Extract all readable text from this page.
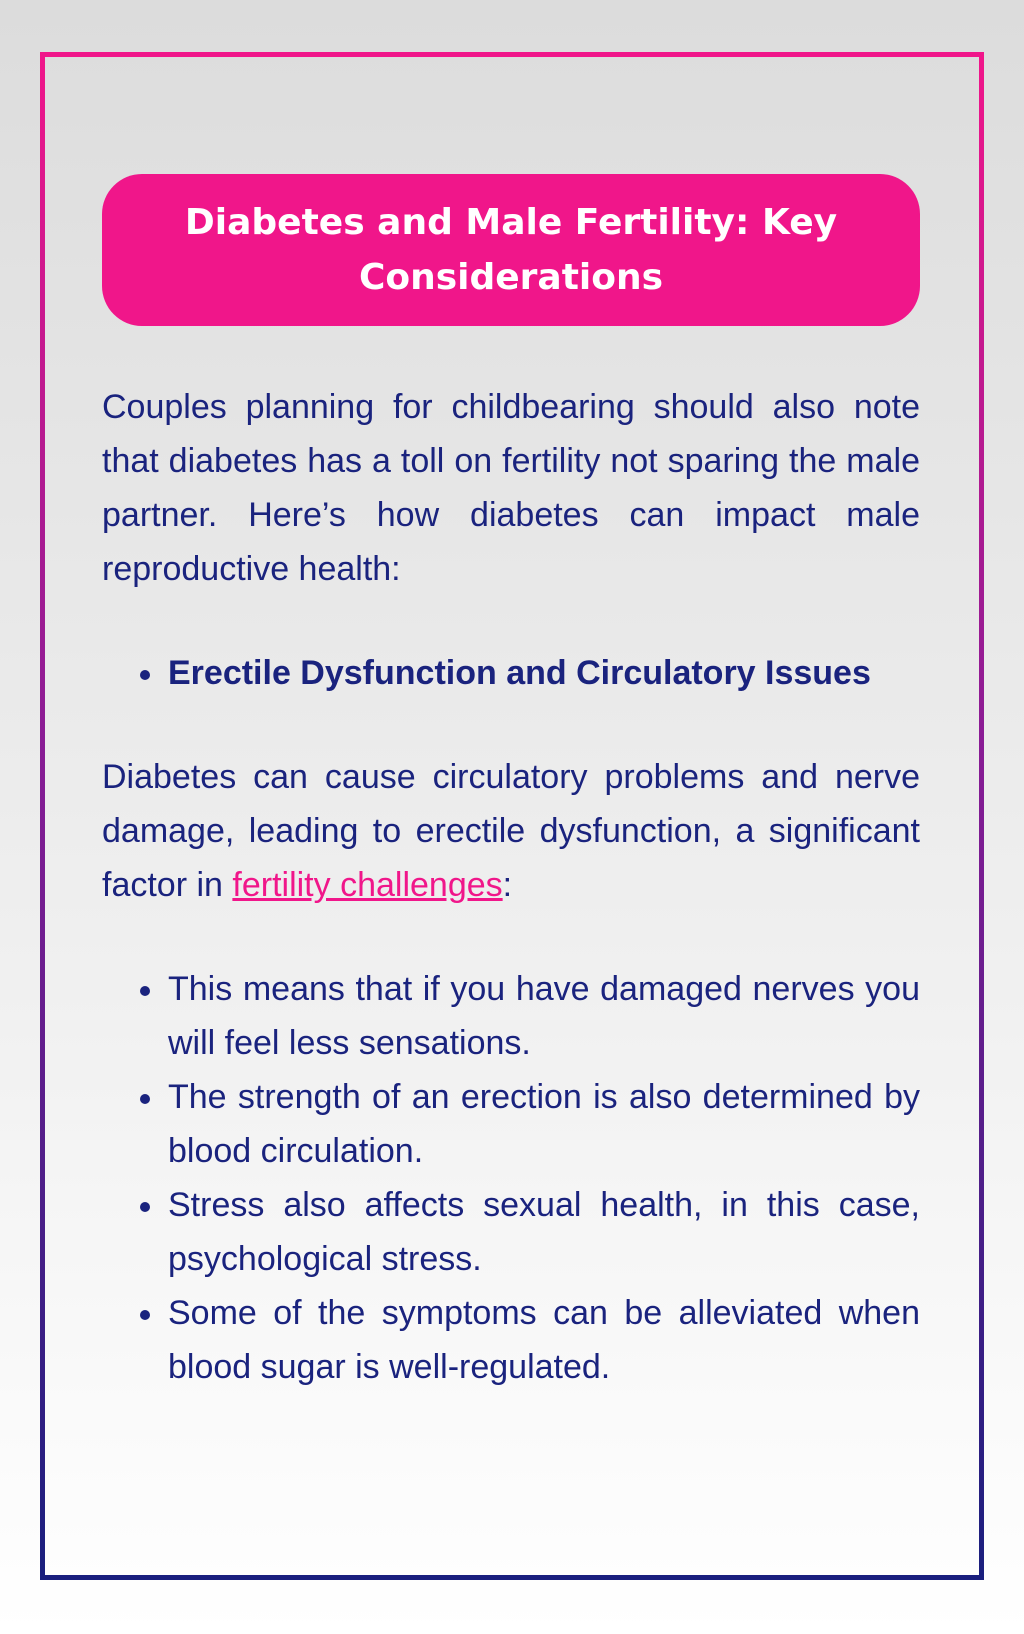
Diabetes and Male Fertility: Key Considerations

Couples planning for childbearing should also note that diabetes has a toll on fertility not sparing the male partner. Here’s how diabetes can impact male reproductive health:

Erectile Dysfunction and Circulatory Issues

Diabetes can cause circulatory problems and nerve damage, leading to erectile dysfunction, a significant factor in fertility challenges:

This means that if you have damaged nerves you will feel less sensations.
The strength of an erection is also determined by blood circulation.
Stress also affects sexual health, in this case, psychological stress.
Some of the symptoms can be alleviated when blood sugar is well-regulated.
